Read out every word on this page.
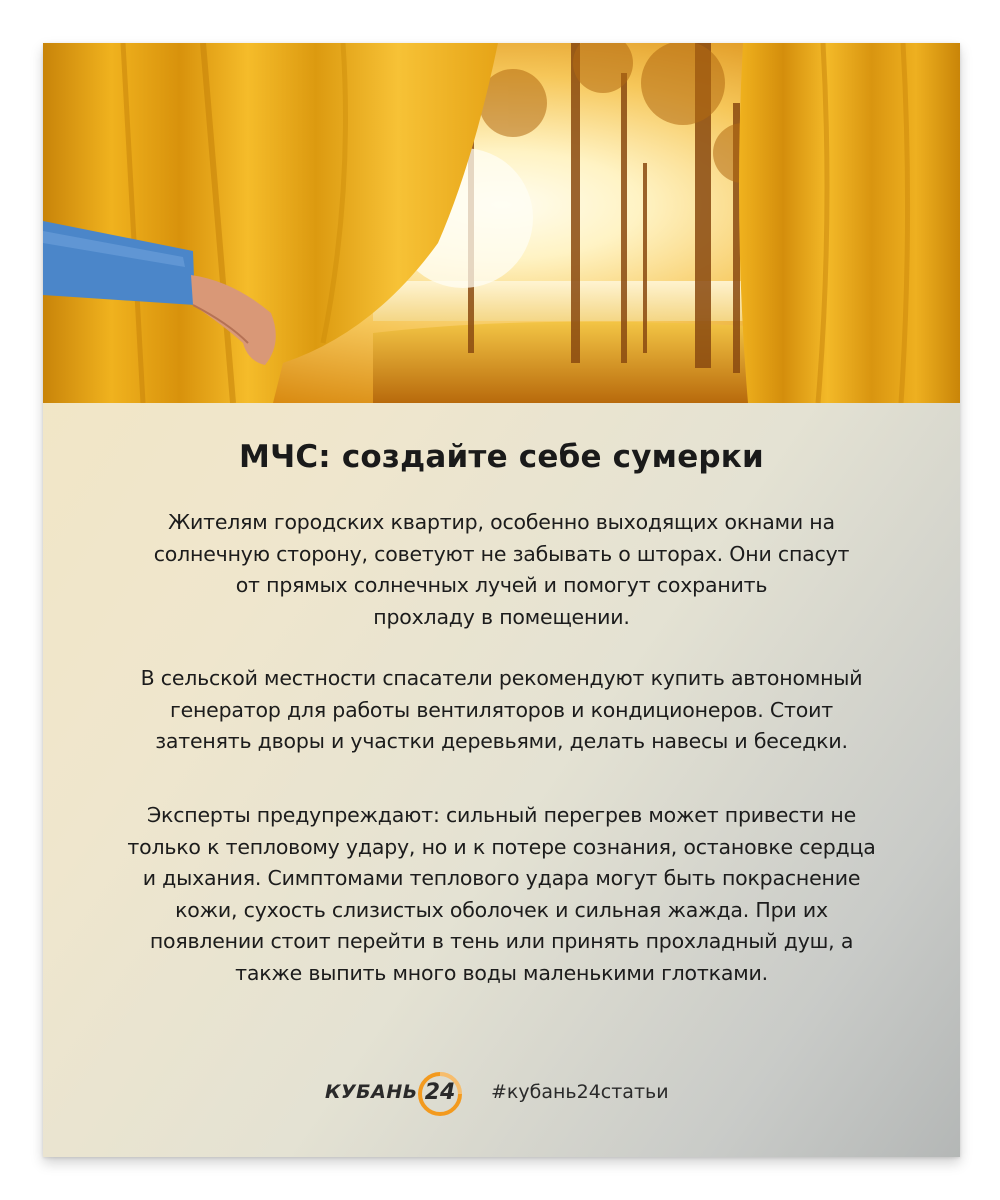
МЧС: создайте себе сумерки

Жителям городских квартир, особенно выходящих окнами на
солнечную сторону, советуют не забывать о шторах. Они спасут
от прямых солнечных лучей и помогут сохранить
прохладу в помещении.

В сельской местности спасатели рекомендуют купить автономный
генератор для работы вентиляторов и кондиционеров. Стоит
затенять дворы и участки деревьями, делать навесы и беседки.

Эксперты предупреждают: сильный перегрев может привести не
только к тепловому удару, но и к потере сознания, остановке сердца
и дыхания. Симптомами теплового удара могут быть покраснение
кожи, сухость слизистых оболочек и сильная жажда. При их
появлении стоит перейти в тень или принять прохладный душ, а
также выпить много воды маленькими глотками.

КУБАНЬ 24	#кубань24статьи
